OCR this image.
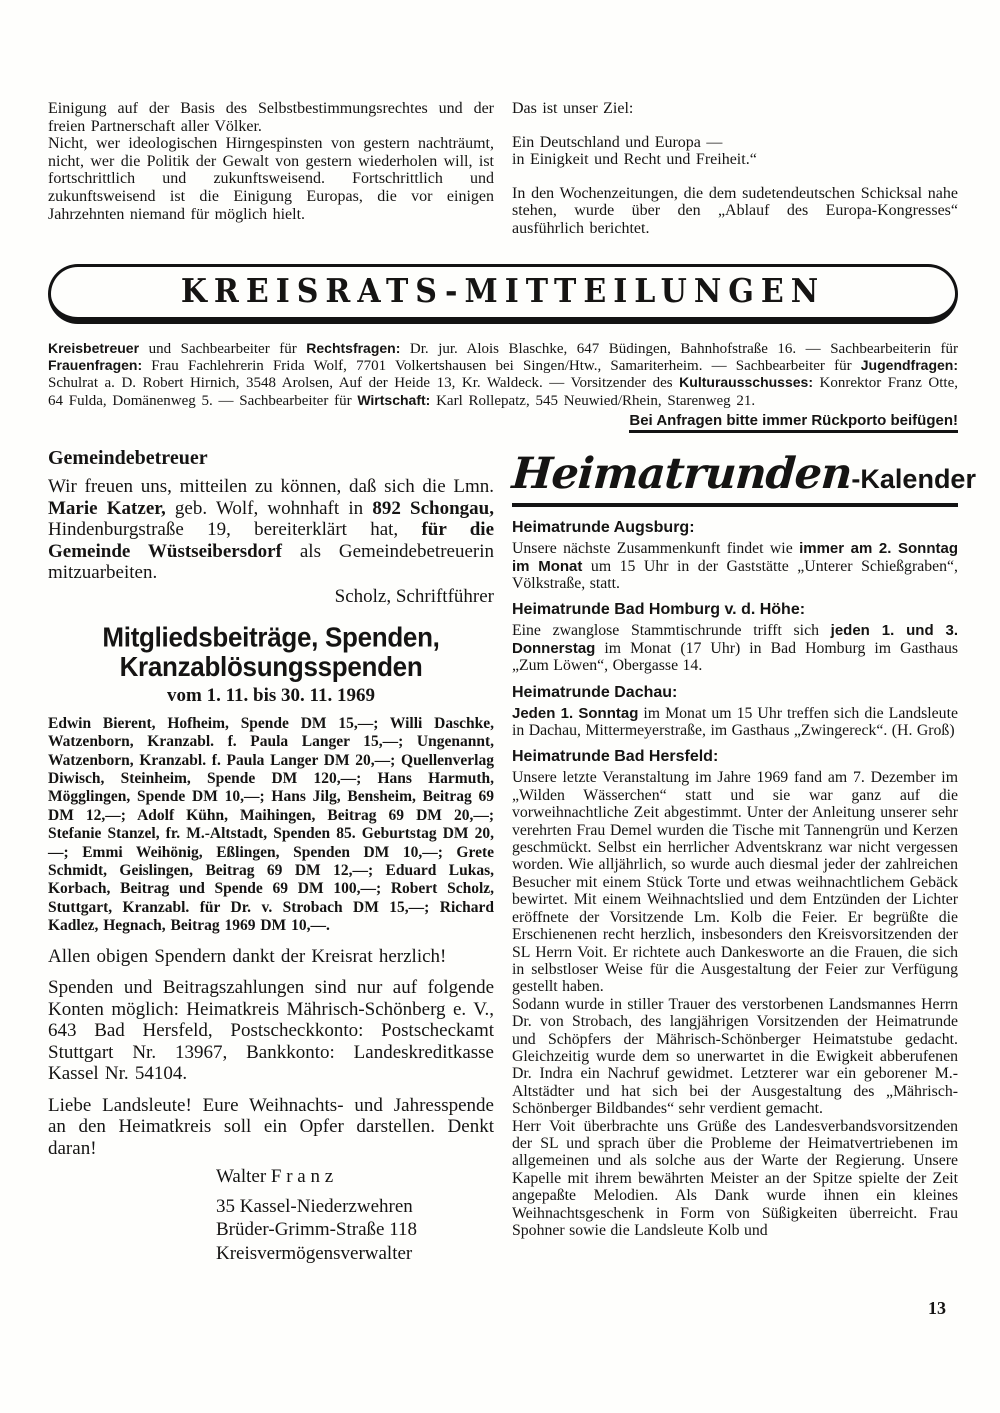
Einigung auf der Basis des Selbstbestimmungsrechtes und der freien Partnerschaft aller Völker.

Nicht, wer ideologischen Hirngespinsten von gestern nachträumt, nicht, wer die Politik der Gewalt von gestern wiederholen will, ist fortschrittlich und zukunftsweisend. Fortschrittlich und zukunftsweisend ist die Einigung Europas, die vor einigen Jahrzehnten niemand für möglich hielt.

Das ist unser Ziel:

Ein Deutschland und Europa —

in Einigkeit und Recht und Freiheit.“

In den Wochenzeitungen, die dem sudetendeutschen Schicksal nahe stehen, wurde über den „Ablauf des Europa-Kongresses“ ausführlich berichtet.

KREISRATS-MITTEILUNGEN

Kreisbetreuer und Sachbearbeiter für Rechtsfragen: Dr. jur. Alois Blaschke, 647 Büdingen, Bahnhofstraße 16. — Sachbearbeiterin für Frauenfragen: Frau Fachlehrerin Frida Wolf, 7701 Volkertshausen bei Singen/Htw., Samariterheim. — Sachbearbeiter für Jugendfragen: Schulrat a. D. Robert Hirnich, 3548 Arolsen, Auf der Heide 13, Kr. Waldeck. — Vorsitzender des Kulturausschusses: Konrektor Franz Otte, 64 Fulda, Domänenweg 5. — Sachbearbeiter für Wirtschaft: Karl Rollepatz, 545 Neuwied/Rhein, Starenweg 21.

Bei Anfragen bitte immer Rückporto beifügen!
Gemeindebetreuer

Wir freuen uns, mitteilen zu können, daß sich die Lmn. Marie Katzer, geb. Wolf, wohnhaft in 892 Schongau, Hindenburgstraße 19, bereiterklärt hat, für die Gemeinde Wüstseibersdorf als Gemeindebetreuerin mitzuarbeiten.

Scholz, Schriftführer

Mitgliedsbeiträge, Spenden,
Kranzablösungsspenden

vom 1. 11. bis 30. 11. 1969

Edwin Bierent, Hofheim, Spende DM 15,—; Willi Daschke, Watzenborn, Kranzabl. f. Paula Langer 15,—; Ungenannt, Watzenborn, Kranzabl. f. Paula Langer DM 20,—; Quellenverlag Diwisch, Steinheim, Spende DM 120,—; Hans Harmuth, Mögglingen, Spende DM 10,—; Hans Jilg, Bensheim, Beitrag 69 DM 12,—; Adolf Kühn, Maihingen, Beitrag 69 DM 20,—; Stefanie Stanzel, fr. M.-Altstadt, Spenden 85. Geburtstag DM 20,—; Emmi Weihönig, Eßlingen, Spenden DM 10,—; Grete Schmidt, Geislingen, Beitrag 69 DM 12,—; Eduard Lukas, Korbach, Beitrag und Spende 69 DM 100,—; Robert Scholz, Stuttgart, Kranzabl. für Dr. v. Strobach DM 15,—; Richard Kadlez, Hegnach, Beitrag 1969 DM 10,—.

Allen obigen Spendern dankt der Kreisrat herzlich!

Spenden und Beitragszahlungen sind nur auf folgende Konten möglich: Heimatkreis Mährisch-Schönberg e. V., 643 Bad Hersfeld, Postscheckkonto: Postscheckamt Stuttgart Nr. 13967, Bankkonto: Landeskreditkasse Kassel Nr. 54104.

Liebe Landsleute! Eure Weihnachts- und Jahresspende an den Heimatkreis soll ein Opfer darstellen. Denkt daran!

Walter F r a n z
35 Kassel-Niederzwehren
Brüder-Grimm-Straße 118
Kreisvermögensverwalter
Heimatrunden-Kalender
Heimatrunde Augsburg:

Unsere nächste Zusammenkunft findet wie immer am 2. Sonntag im Monat um 15 Uhr in der Gaststätte „Unterer Schießgraben“, Völkstraße, statt.

Heimatrunde Bad Homburg v. d. Höhe:

Eine zwanglose Stammtischrunde trifft sich jeden 1. und 3. Donnerstag im Monat (17 Uhr) in Bad Homburg im Gasthaus „Zum Löwen“, Obergasse 14.

Heimatrunde Dachau:

Jeden 1. Sonntag im Monat um 15 Uhr treffen sich die Landsleute in Dachau, Mittermeyerstraße, im Gasthaus „Zwingereck“. (H. Groß)

Heimatrunde Bad Hersfeld:

Unsere letzte Veranstaltung im Jahre 1969 fand am 7. Dezember im „Wilden Wässerchen“ statt und sie war ganz auf die vorweihnachtliche Zeit abgestimmt. Unter der Anleitung unserer sehr verehrten Frau Demel wurden die Tische mit Tannengrün und Kerzen geschmückt. Selbst ein herrlicher Adventskranz war nicht vergessen worden. Wie alljährlich, so wurde auch diesmal jeder der zahlreichen Besucher mit einem Stück Torte und etwas weihnachtlichem Gebäck bewirtet. Mit einem Weihnachtslied und dem Entzünden der Lichter eröffnete der Vorsitzende Lm. Kolb die Feier. Er begrüßte die Erschienenen recht herzlich, insbesonders den Kreisvorsitzenden der SL Herrn Voit. Er richtete auch Dankesworte an die Frauen, die sich in selbstloser Weise für die Ausgestaltung der Feier zur Verfügung gestellt haben.

Sodann wurde in stiller Trauer des verstorbenen Landsmannes Herrn Dr. von Strobach, des langjährigen Vorsitzenden der Heimatrunde und Schöpfers der Mährisch-Schönberger Heimatstube gedacht. Gleichzeitig wurde dem so unerwartet in die Ewigkeit abberufenen Dr. Indra ein Nachruf gewidmet. Letzterer war ein geborener M.-Altstädter und hat sich bei der Ausgestaltung des „Mährisch-Schönberger Bildbandes“ sehr verdient gemacht.

Herr Voit überbrachte uns Grüße des Landesverbandsvorsitzenden der SL und sprach über die Probleme der Heimatvertriebenen im allgemeinen und als solche aus der Warte der Regierung. Unsere Kapelle mit ihrem bewährten Meister an der Spitze spielte der Zeit angepaßte Melodien. Als Dank wurde ihnen ein kleines Weihnachtsgeschenk in Form von Süßigkeiten überreicht. Frau Spohner sowie die Landsleute Kolb und

13
